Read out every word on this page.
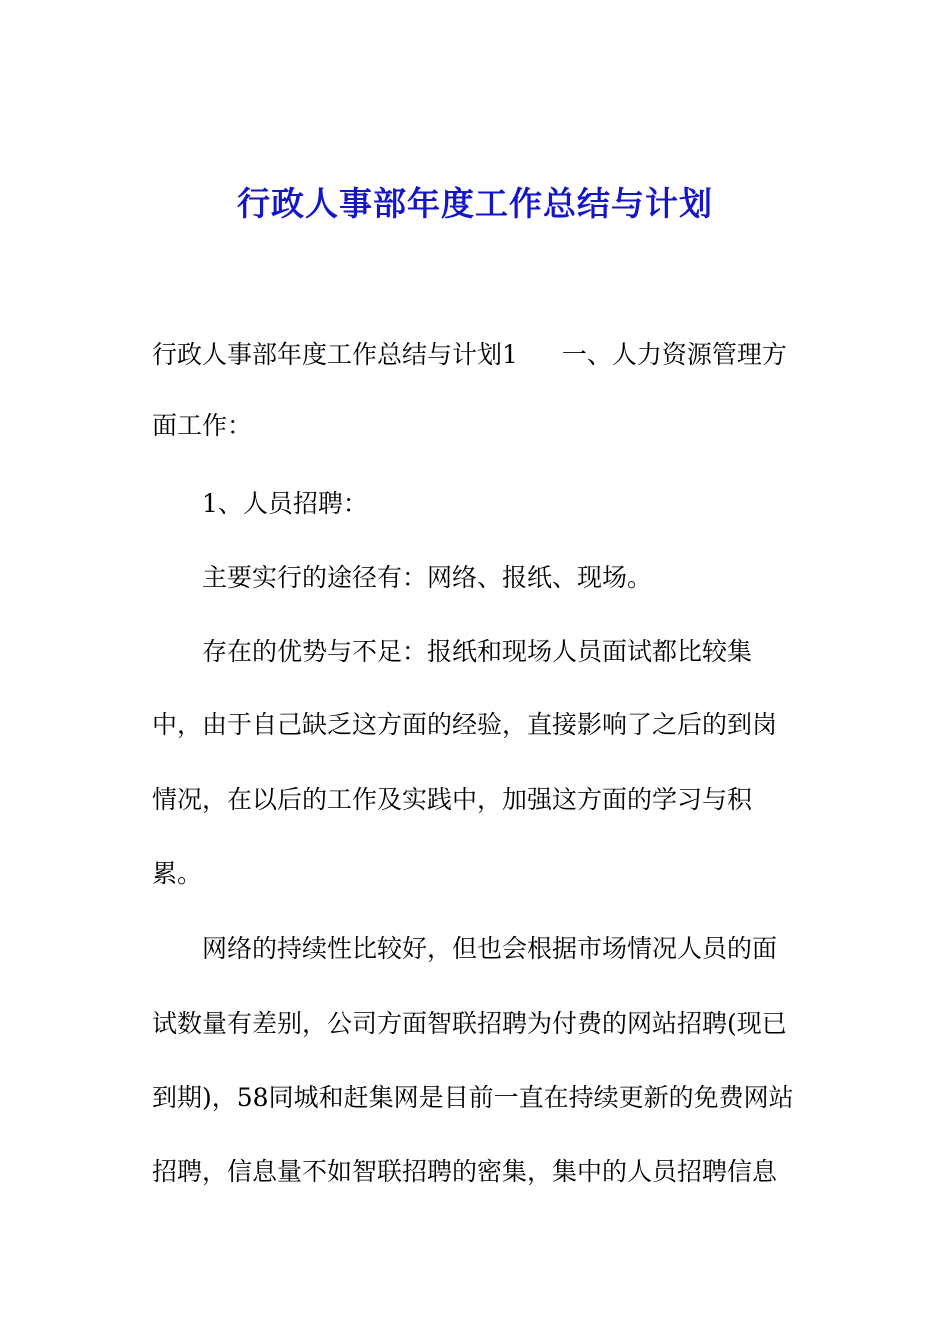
行政人事部年度工作总结与计划
行政人事部年度工作总结与计划1 一、人力资源管理方
面工作：
1、人员招聘：
主要实行的途径有：网络、报纸、现场。
存在的优势与不足：报纸和现场人员面试都比较集
中，由于自己缺乏这方面的经验，直接影响了之后的到岗
情况，在以后的工作及实践中，加强这方面的学习与积
累。
网络的持续性比较好，但也会根据市场情况人员的面
试数量有差别，公司方面智联招聘为付费的网站招聘(现已
到期)，58同城和赶集网是目前一直在持续更新的免费网站
招聘，信息量不如智联招聘的密集，集中的人员招聘信息
